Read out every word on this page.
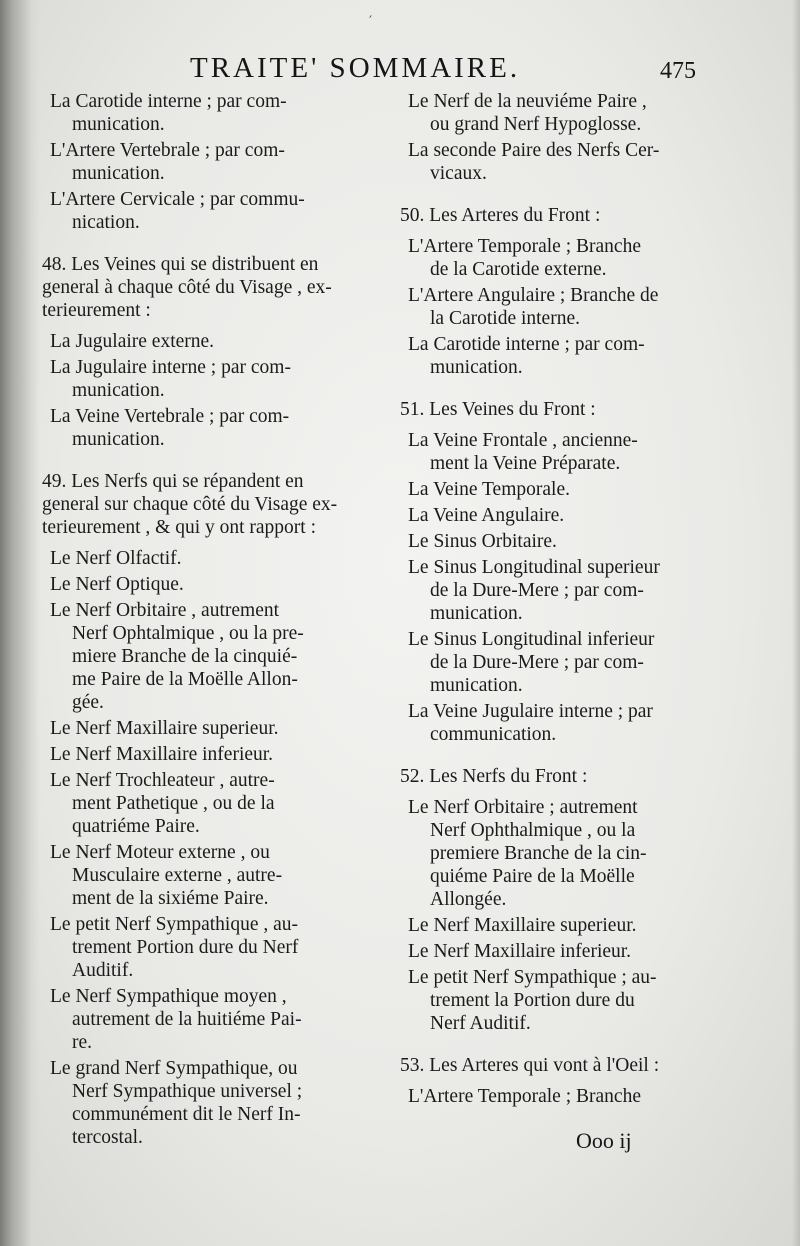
′
TRAITE' SOMMAIRE.	475
La Carotide interne ; par com-
munication.
L'Artere Vertebrale ; par com-
munication.
L'Artere Cervicale ; par commu-
nication.
48. Les Veines qui se distribuent en
general à chaque côté du Visage , ex-
terieurement :
La Jugulaire externe.
La Jugulaire interne ; par com-
munication.
La Veine Vertebrale ; par com-
munication.
49. Les Nerfs qui se répandent en
general sur chaque côté du Visage ex-
terieurement , & qui y ont rapport :
Le Nerf Olfactif.
Le Nerf Optique.
Le Nerf Orbitaire , autrement
Nerf Ophtalmique , ou la pre-
miere Branche de la cinquié-
me Paire de la Moëlle Allon-
gée.
Le Nerf Maxillaire superieur.
Le Nerf Maxillaire inferieur.
Le Nerf Trochleateur , autre-
ment Pathetique , ou de la
quatriéme Paire.
Le Nerf Moteur externe , ou
Musculaire externe , autre-
ment de la sixiéme Paire.
Le petit Nerf Sympathique , au-
trement Portion dure du Nerf
Auditif.
Le Nerf Sympathique moyen ,
autrement de la huitiéme Pai-
re.
Le grand Nerf Sympathique, ou
Nerf Sympathique universel ;
communément dit le Nerf In-
tercostal.
Le Nerf de la neuviéme Paire ,
ou grand Nerf Hypoglosse.
La seconde Paire des Nerfs Cer-
vicaux.
50. Les Arteres du Front :
L'Artere Temporale ; Branche
de la Carotide externe.
L'Artere Angulaire ; Branche de
la Carotide interne.
La Carotide interne ; par com-
munication.
51. Les Veines du Front :
La Veine Frontale , ancienne-
ment la Veine Préparate.
La Veine Temporale.
La Veine Angulaire.
Le Sinus Orbitaire.
Le Sinus Longitudinal superieur
de la Dure-Mere ; par com-
munication.
Le Sinus Longitudinal inferieur
de la Dure-Mere ; par com-
munication.
La Veine Jugulaire interne ; par
communication.
52. Les Nerfs du Front :
Le Nerf Orbitaire ; autrement
Nerf Ophthalmique , ou la
premiere Branche de la cin-
quiéme Paire de la Moëlle
Allongée.
Le Nerf Maxillaire superieur.
Le Nerf Maxillaire inferieur.
Le petit Nerf Sympathique ; au-
trement la Portion dure du
Nerf Auditif.
53. Les Arteres qui vont à l'Oeil :
L'Artere Temporale ; Branche
Ooo ij
